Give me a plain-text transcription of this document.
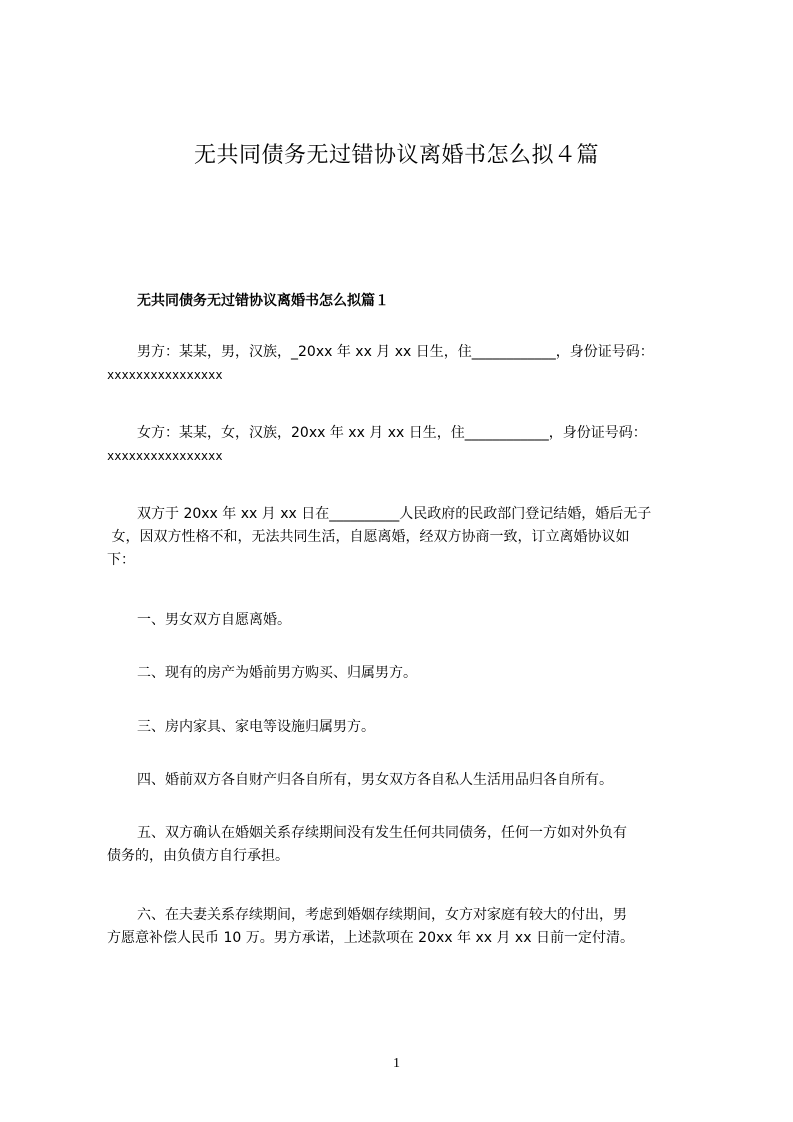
无共同债务无过错协议离婚书怎么拟４篇
无共同债务无过错协议离婚书怎么拟篇１
男方：某某，男，汉族，_20xx 年 xx 月 xx 日生，住____________，身份证号码：
xxxxxxxxxxxxxxxx
女方：某某，女，汉族，20xx 年 xx 月 xx 日生，住____________，身份证号码：
xxxxxxxxxxxxxxxx
双方于 20xx 年 xx 月 xx 日在__________人民政府的民政部门登记结婚，婚后无子
女，因双方性格不和，无法共同生活，自愿离婚，经双方协商一致，订立离婚协议如
下：
一、男女双方自愿离婚。
二、现有的房产为婚前男方购买、归属男方。
三、房内家具、家电等设施归属男方。
四、婚前双方各自财产归各自所有，男女双方各自私人生活用品归各自所有。
五、双方确认在婚姻关系存续期间没有发生任何共同债务，任何一方如对外负有
债务的，由负债方自行承担。
六、在夫妻关系存续期间，考虑到婚姻存续期间，女方对家庭有较大的付出，男
方愿意补偿人民币 10 万。男方承诺，上述款项在 20xx 年 xx 月 xx 日前一定付清。
1
